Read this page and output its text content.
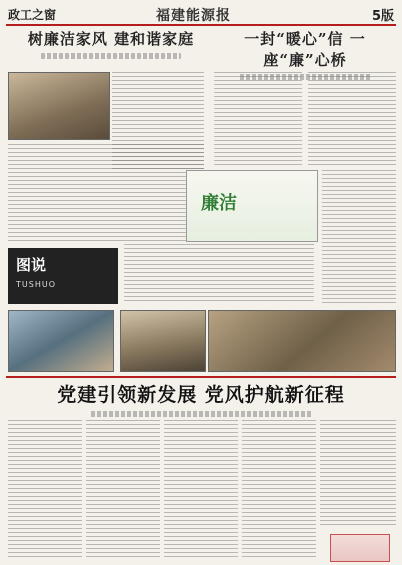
政工之窗	福建能源报	5版
树廉洁家风 建和谐家庭	一封“暖心”信 一座“廉”心桥
廉洁
图说
TUSHUO
党建引领新发展 党风护航新征程
